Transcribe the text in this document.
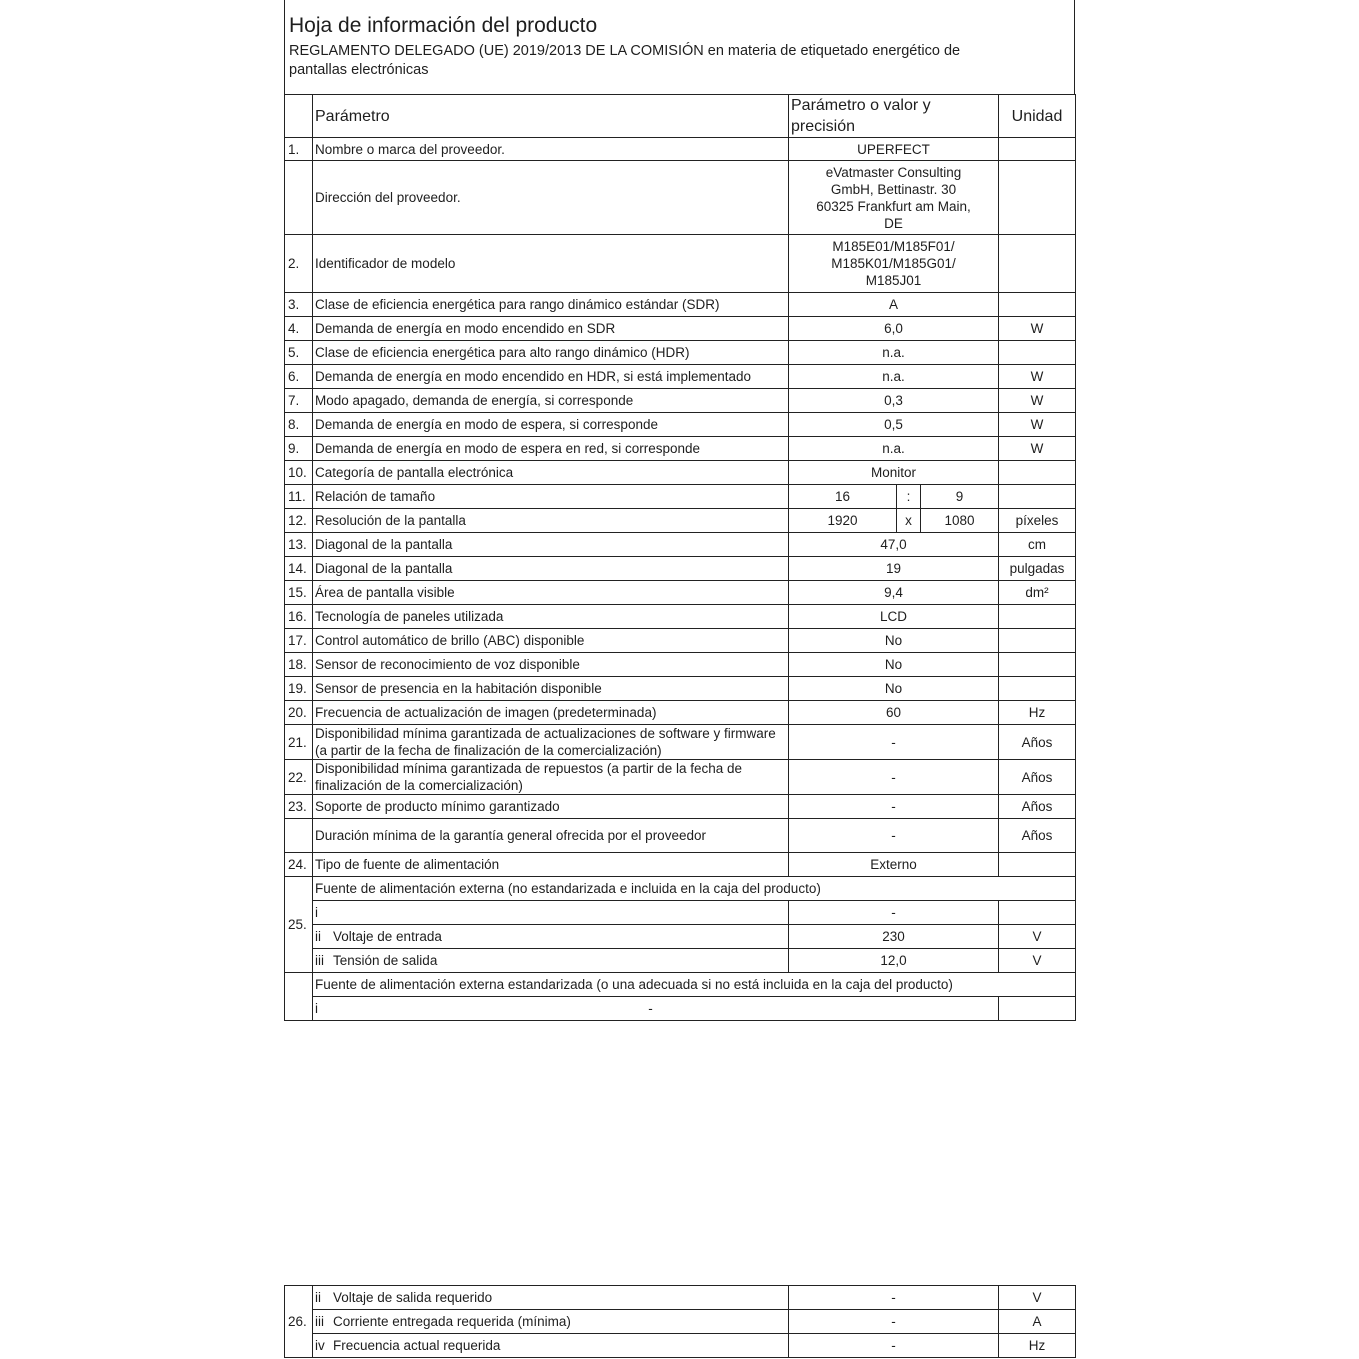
Hoja de información del producto
REGLAMENTO DELEGADO (UE) 2019/2013 DE LA COMISIÓN en materia de etiquetado energético de
pantallas electrónicas
	Parámetro	Parámetro o valor y
precisión			Unidad
1.	Nombre o marca del proveedor.	UPERFECT			
	Dirección del proveedor.	eVatmaster Consulting
GmbH, Bettinastr. 30
60325 Frankfurt am Main,
DE			

2.	Identificador de modelo	M185E01/M185F01/
M185K01/M185G01/
M185J01			

3.	Clase de eficiencia energética para rango dinámico estándar (SDR)	A			
4.	Demanda de energía en modo encendido en SDR	6,0			W
5.	Clase de eficiencia energética para alto rango dinámico (HDR)	n.a.			
6.	Demanda de energía en modo encendido en HDR, si está implementado	n.a.			W
7.	Modo apagado, demanda de energía, si corresponde	0,3			W
8.	Demanda de energía en modo de espera, si corresponde	0,5			W
9.	Demanda de energía en modo de espera en red, si corresponde	n.a.			W
10.	Categoría de pantalla electrónica	Monitor			
11.	Relación de tamaño	16	:	9	
12.	Resolución de la pantalla	1920	x	1080	píxeles
13.	Diagonal de la pantalla	47,0			cm
14.	Diagonal de la pantalla	19			pulgadas
15.	Área de pantalla visible	9,4			dm²
16.	Tecnología de paneles utilizada	LCD			
17.	Control automático de brillo (ABC) disponible	No			
18.	Sensor de reconocimiento de voz disponible	No			
19.	Sensor de presencia en la habitación disponible	No			
20.	Frecuencia de actualización de imagen (predeterminada)	60			Hz
21.	Disponibilidad mínima garantizada de actualizaciones de software y firmware
(a partir de la fecha de finalización de la comercialización)	-			Años
22.	Disponibilidad mínima garantizada de repuestos (a partir de la fecha de
finalización de la comercialización)	-			Años
23.	Soporte de producto mínimo garantizado	-			Años
	Duración mínima de la garantía general ofrecida por el proveedor	-			Años
24.	Tipo de fuente de alimentación	Externo			
25.	Fuente de alimentación externa (no estandarizada e incluida en la caja del producto)				
	i	-			
	ii Voltaje de entrada	230			V
	iii Tensión de salida	12,0			V
	Fuente de alimentación externa estandarizada (o una adecuada si no está incluida en la caja del producto)				
	i -				
26.	ii Voltaje de salida requerido	-	V
	iii Corriente entregada requerida (mínima)	-	A
	iv Frecuencia actual requerida	-	Hz
